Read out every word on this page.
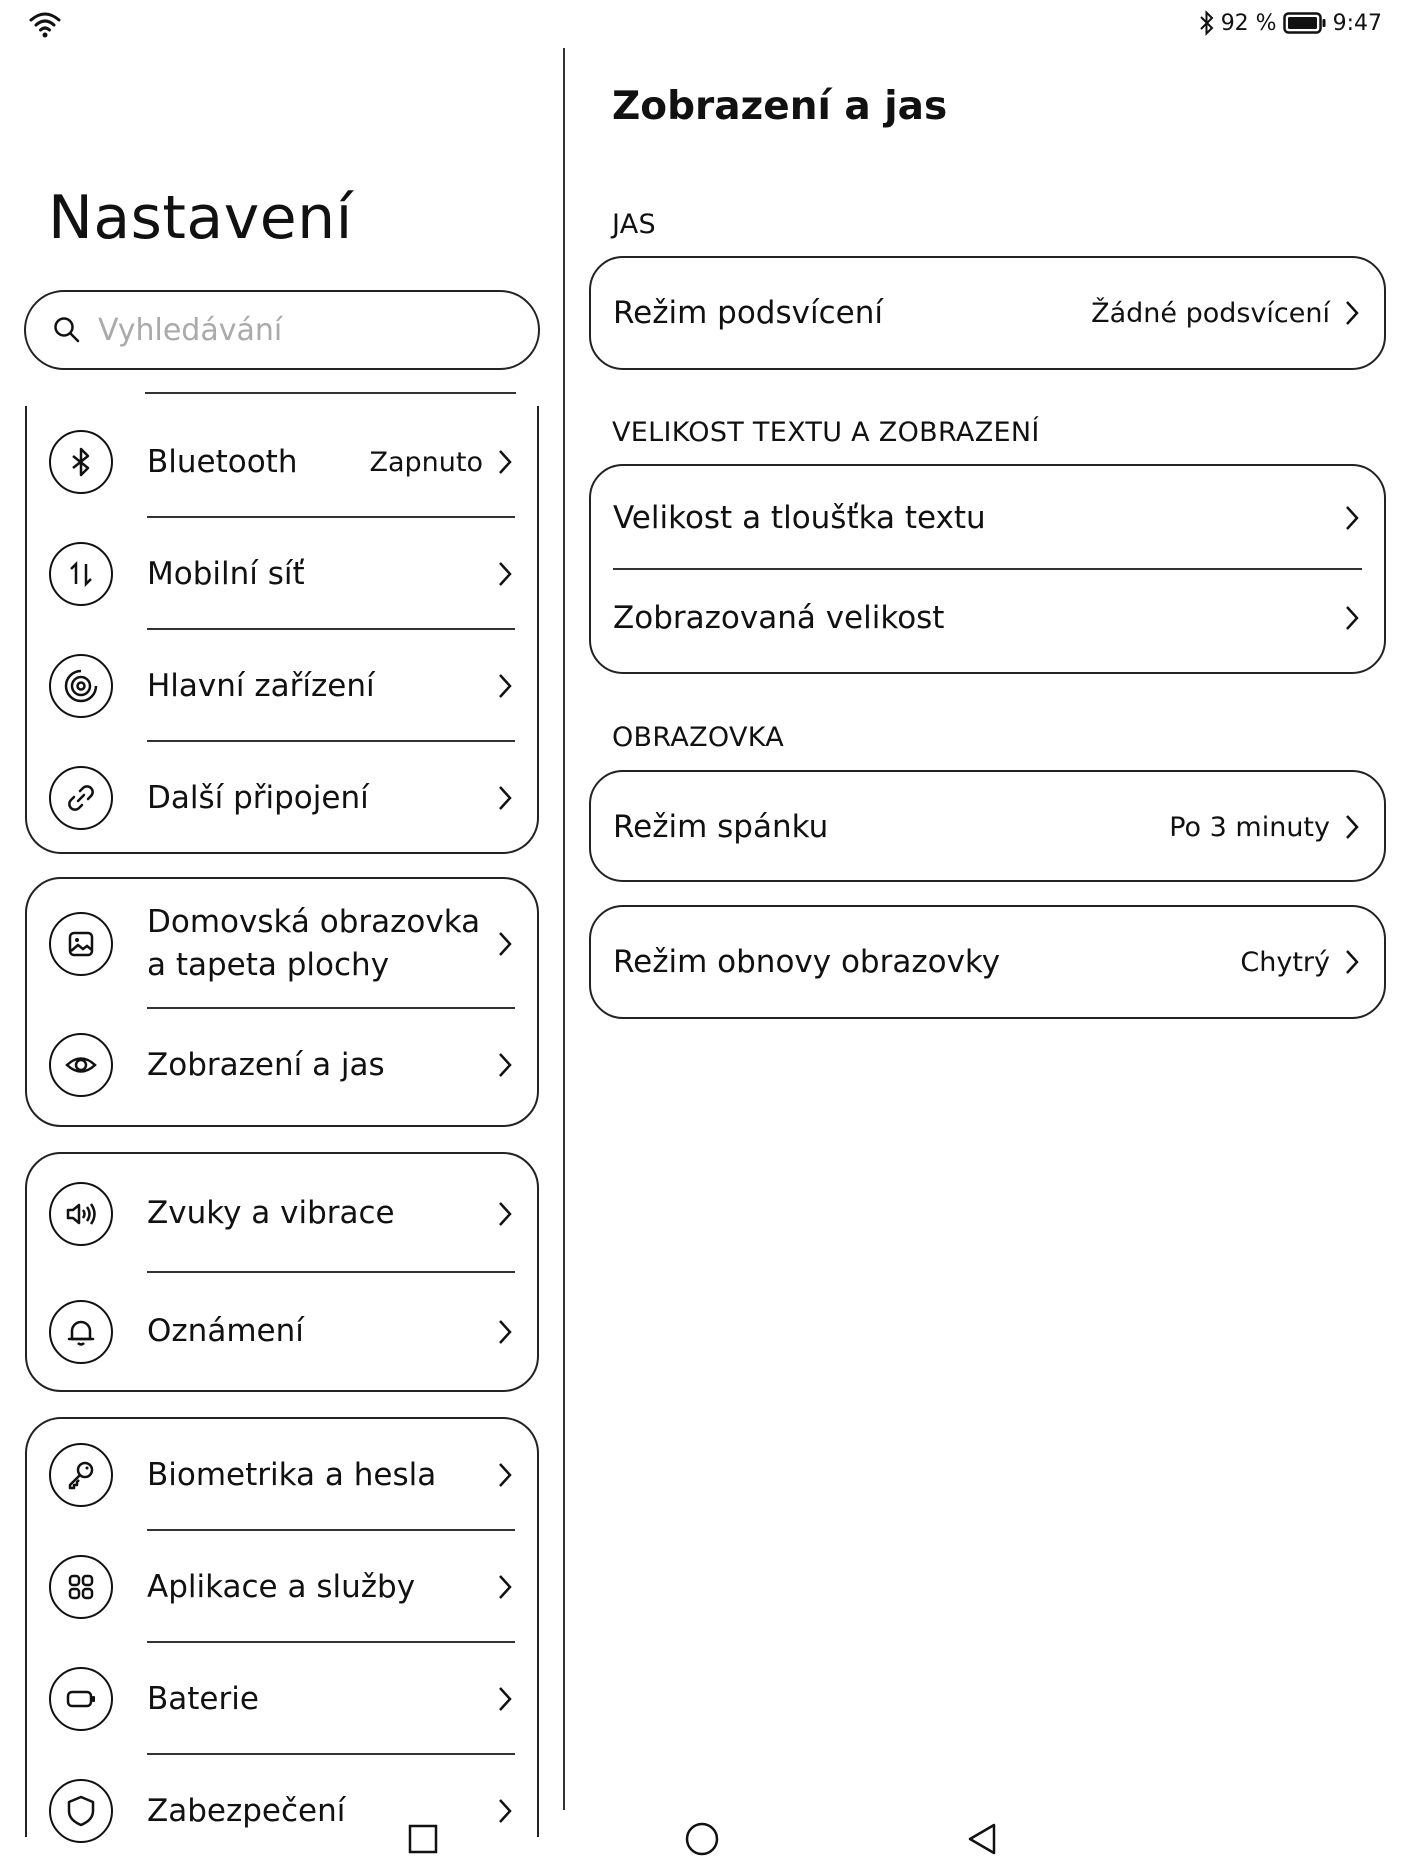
92 %	9:47
Nastavení
Vyhledávání
Bluetooth	Zapnuto
Mobilní síť
Hlavní zařízení
Další připojení
Domovská obrazovka
a tapeta plochy
Zobrazení a jas
Zvuky a vibrace
Oznámení
Biometrika a hesla
Aplikace a služby
Baterie
Zabezpečení
Zobrazení a jas
JAS
Režim podsvícení	Žádné podsvícení
VELIKOST TEXTU A ZOBRAZENÍ
Velikost a tloušťka textu
Zobrazovaná velikost
OBRAZOVKA
Režim spánku	Po 3 minuty
Režim obnovy obrazovky	Chytrý
